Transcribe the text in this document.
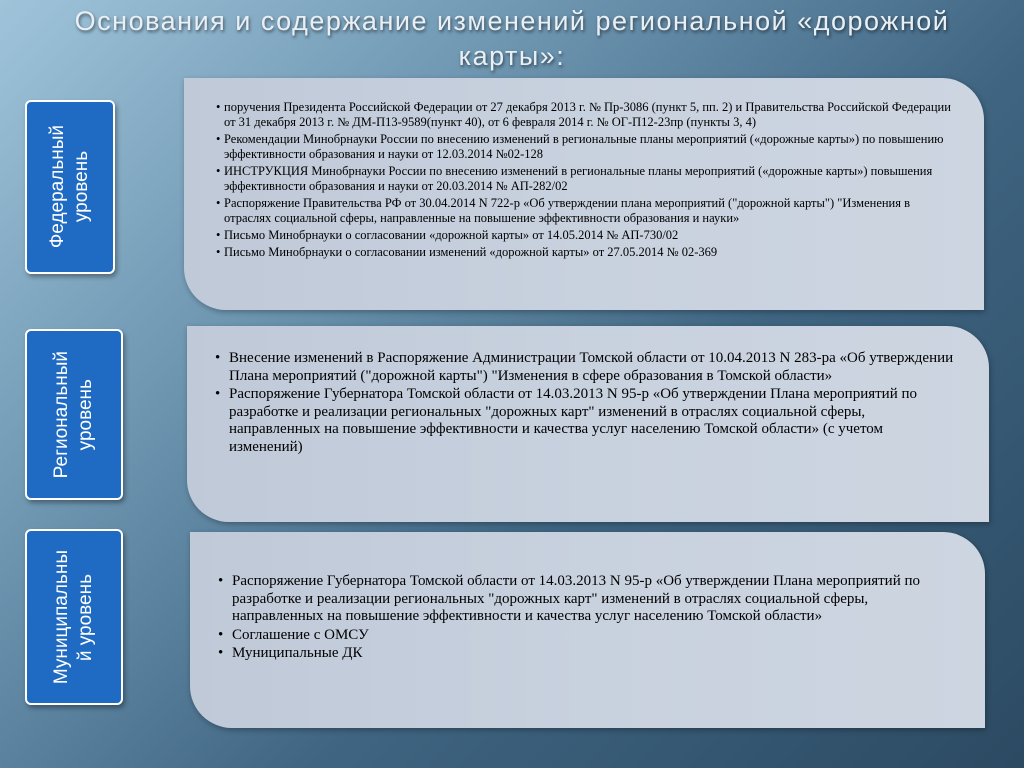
Основания и содержание изменений региональной «дорожной карты»:
Федеральный
уровень
• поручения Президента Российской Федерации от 27 декабря 2013 г. № Пр-3086 (пункт 5, пп. 2) и Правительства Российской Федерации от 31 декабря 2013 г. № ДМ-П13-9589(пункт 40), от 6 февраля 2014 г. № ОГ-П12-23пр (пункты 3, 4)
• Рекомендации Минобрнауки России по внесению изменений в региональные планы мероприятий («дорожные карты») по повышению эффективности образования и науки от 12.03.2014 №02-128
• ИНСТРУКЦИЯ Минобрнауки России по внесению изменений в региональные планы мероприятий («дорожные карты») повышения эффективности образования и науки от 20.03.2014 № АП-282/02
• Распоряжение Правительства РФ от 30.04.2014 N 722-р «Об утверждении плана мероприятий ("дорожной карты") "Изменения в отраслях социальной сферы, направленные на повышение эффективности образования и науки»
• Письмо Минобрнауки о согласовании «дорожной карты» от 14.05.2014 № АП-730/02
• Письмо Минобрнауки о согласовании изменений «дорожной карты» от 27.05.2014 № 02-369
Региональный
уровень
• Внесение изменений в Распоряжение Администрации Томской области от 10.04.2013 N 283-ра «Об утверждении Плана мероприятий ("дорожной карты") "Изменения в сфере образования в Томской области»
• Распоряжение Губернатора Томской области от 14.03.2013 N 95-р «Об утверждении Плана мероприятий по разработке и реализации региональных "дорожных карт" изменений в отраслях социальной сферы, направленных на повышение эффективности и качества услуг населению Томской области» (с учетом изменений)
Муниципальны
й уровень
•	Распоряжение Губернатора Томской области от 14.03.2013 N 95-р «Об утверждении Плана мероприятий по разработке и реализации региональных "дорожных карт" изменений в отраслях социальной сферы, направленных на повышение эффективности и качества услуг населению Томской области»
• Соглашение с ОМСУ
• Муниципальные ДК
